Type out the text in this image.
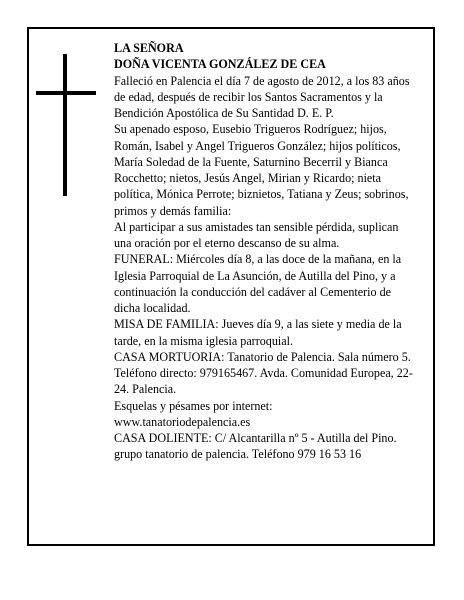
LA SEÑORA

DOÑA VICENTA GONZÁLEZ DE CEA

Falleció en Palencia el día 7 de agosto de 2012, a los 83 años de edad, después de recibir los Santos Sacramentos y la Bendición Apostólica de Su Santidad D. E. P.

Su apenado esposo, Eusebio Trigueros Rodríguez; hijos, Román, Isabel y Angel Trigueros González; hijos políticos, María Soledad de la Fuente, Saturnino Becerril y Bianca Rocchetto; nietos, Jesús Angel, Mirian y Ricardo; nieta política, Mónica Perrote; biznietos, Tatiana y Zeus; sobrinos, primos y demás familia:

Al participar a sus amistades tan sensible pérdida, suplican una oración por el eterno descanso de su alma.

FUNERAL: Miércoles día 8, a las doce de la mañana, en la Iglesia Parroquial de La Asunción, de Autilla del Pino, y a continuación la conducción del cadáver al Cementerio de dicha localidad.

MISA DE FAMILIA: Jueves día 9, a las siete y media de la tarde, en la misma iglesia parroquial.

CASA MORTUORIA: Tanatorio de Palencia. Sala número 5. Teléfono directo: 979165467. Avda. Comunidad Europea, 22-24. Palencia.

Esquelas y pésames por internet:

www.tanatoriodepalencia.es

CASA DOLIENTE: C/ Alcantarilla nº 5 - Autilla del Pino.

grupo tanatorio de palencia. Teléfono 979 16 53 16
